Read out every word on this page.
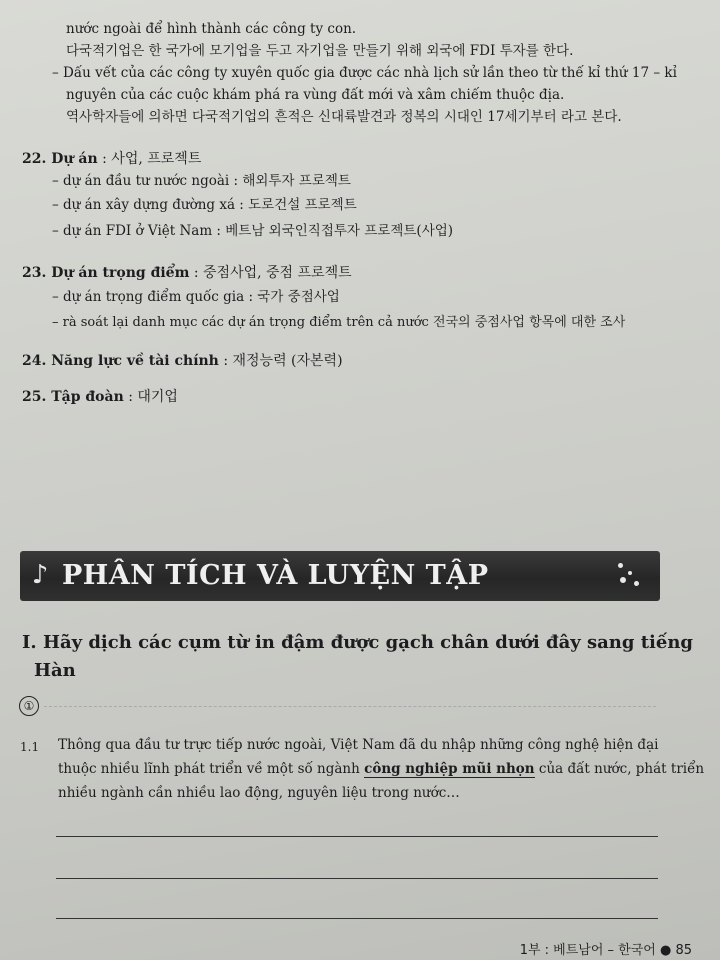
nước ngoài để hình thành các công ty con.
다국적기업은 한 국가에 모기업을 두고 자기업을 만들기 위해 외국에 FDI 투자를 한다.
– Dấu vết của các công ty xuyên quốc gia được các nhà lịch sử lần theo từ thế kỉ thứ 17 – kỉ
nguyên của các cuộc khám phá ra vùng đất mới và xâm chiếm thuộc địa.
역사학자들에 의하면 다국적기업의 흔적은 신대륙발견과 정복의 시대인 17세기부터 라고 본다.
22. Dự án : 사업, 프로젝트
– dự án đầu tư nước ngoài : 해외투자 프로젝트
– dự án xây dựng đường xá : 도로건설 프로젝트
– dự án FDI ở Việt Nam : 베트남 외국인직접투자 프로젝트(사업)
23. Dự án trọng điểm : 중점사업, 중점 프로젝트
– dự án trọng điểm quốc gia : 국가 중점사업
– rà soát lại danh mục các dự án trọng điểm trên cả nước 전국의 중점사업 항목에 대한 조사
24. Năng lực về tài chính : 재정능력 (자본력)
25. Tập đoàn : 대기업
♪ PHÂN TÍCH VÀ LUYỆN TẬP
I. Hãy dịch các cụm từ in đậm được gạch chân dưới đây sang tiếng
Hàn
①
1.1 Thông qua đầu tư trực tiếp nước ngoài, Việt Nam đã du nhập những công nghệ hiện đại
thuộc nhiều lĩnh phát triển về một số ngành công nghiệp mũi nhọn của đất nước, phát triển
nhiều ngành cần nhiều lao động, nguyên liệu trong nước…
1부 : 베트남어 – 한국어 ● 85
